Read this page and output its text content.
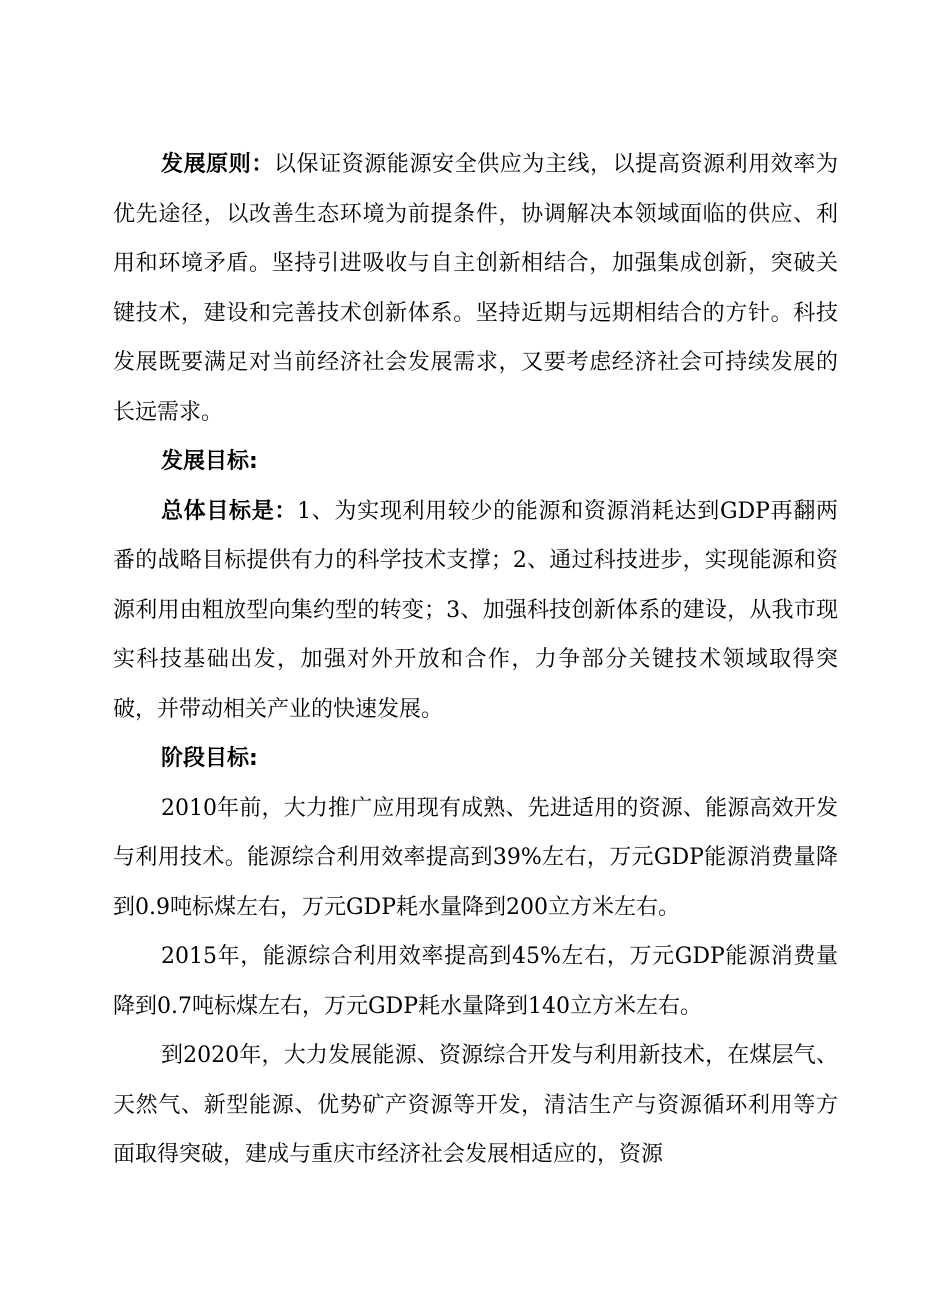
发展原则：以保证资源能源安全供应为主线，以提高资源利用效率为优先途径，以改善生态环境为前提条件，协调解决本领域面临的供应、利用和环境矛盾。坚持引进吸收与自主创新相结合，加强集成创新，突破关键技术，建设和完善技术创新体系。坚持近期与远期相结合的方针。科技发展既要满足对当前经济社会发展需求，又要考虑经济社会可持续发展的长远需求。

发展目标:

总体目标是：1、为实现利用较少的能源和资源消耗达到GDP再翻两番的战略目标提供有力的科学技术支撑；2、通过科技进步，实现能源和资源利用由粗放型向集约型的转变；3、加强科技创新体系的建设，从我市现实科技基础出发，加强对外开放和合作，力争部分关键技术领域取得突破，并带动相关产业的快速发展。

阶段目标:

2010年前，大力推广应用现有成熟、先进适用的资源、能源高效开发与利用技术。能源综合利用效率提高到39%左右，万元GDP能源消费量降到0.9吨标煤左右，万元GDP耗水量降到200立方米左右。

2015年，能源综合利用效率提高到45%左右，万元GDP能源消费量降到0.7吨标煤左右，万元GDP耗水量降到140立方米左右。

到2020年，大力发展能源、资源综合开发与利用新技术，在煤层气、天然气、新型能源、优势矿产资源等开发，清洁生产与资源循环利用等方面取得突破，建成与重庆市经济社会发展相适应的，资源
